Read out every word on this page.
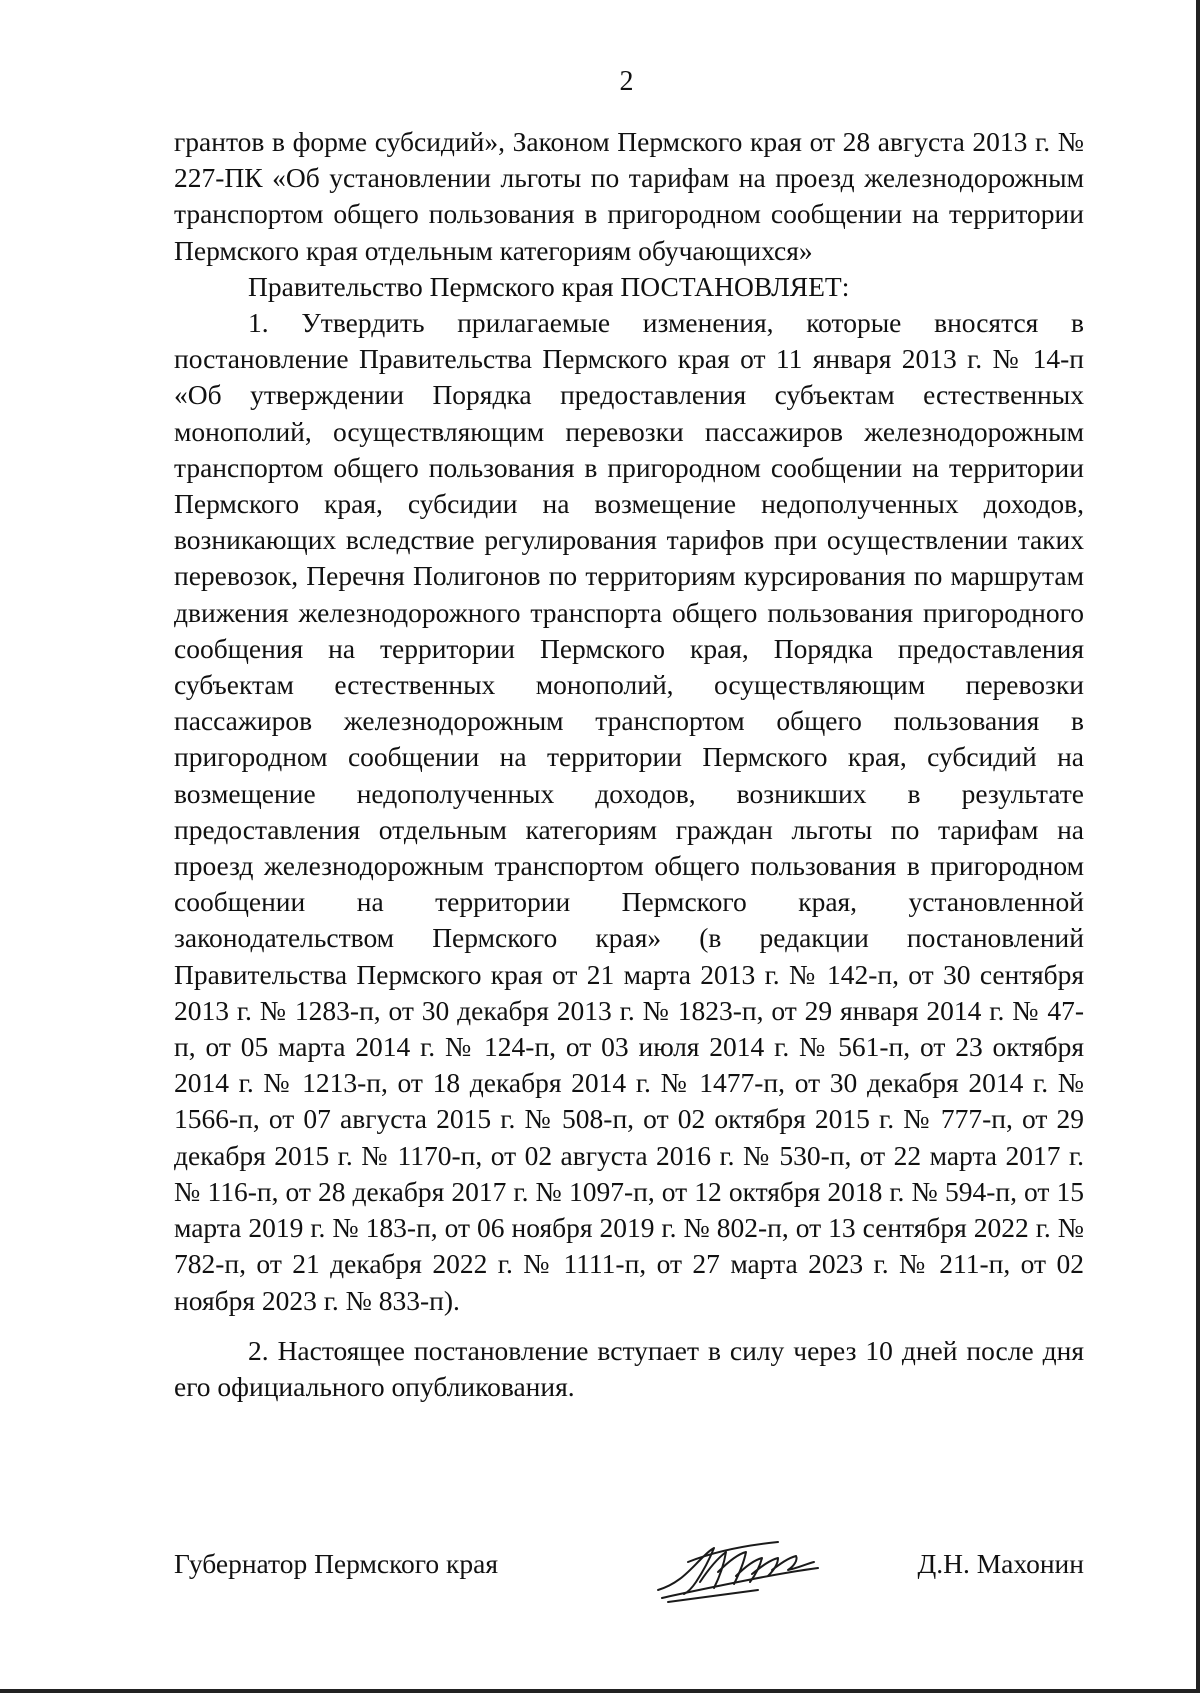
2

грантов в форме субсидий», Законом Пермского края от 28 августа 2013 г. № 227-ПК «Об установлении льготы по тарифам на проезд железнодорожным транспортом общего пользования в пригородном сообщении на территории Пермского края отдельным категориям обучающихся»

Правительство Пермского края ПОСТАНОВЛЯЕТ:

1. Утвердить прилагаемые изменения, которые вносятся в постановление Правительства Пермского края от 11 января 2013 г. № 14-п «Об утверждении Порядка предоставления субъектам естественных монополий, осуществляющим перевозки пассажиров железнодорожным транспортом общего пользования в пригородном сообщении на территории Пермского края, субсидии на возмещение недополученных доходов, возникающих вследствие регулирования тарифов при осуществлении таких перевозок, Перечня Полигонов по территориям курсирования по маршрутам движения железнодорожного транспорта общего пользования пригородного сообщения на территории Пермского края, Порядка предоставления субъектам естественных монополий, осуществляющим перевозки пассажиров железнодорожным транспортом общего пользования в пригородном сообщении на территории Пермского края, субсидий на возмещение недополученных доходов, возникших в результате предоставления отдельным категориям граждан льготы по тарифам на проезд железнодорожным транспортом общего пользования в пригородном сообщении на территории Пермского края, установленной законодательством Пермского края» (в редакции постановлений Правительства Пермского края от 21 марта 2013 г. № 142-п, от 30 сентября 2013 г. № 1283-п, от 30 декабря 2013 г. № 1823-п, от 29 января 2014 г. № 47-п, от 05 марта 2014 г. № 124-п, от 03 июля 2014 г. № 561-п, от 23 октября 2014 г. № 1213-п, от 18 декабря 2014 г. № 1477-п, от 30 декабря 2014 г. № 1566-п, от 07 августа 2015 г. № 508-п, от 02 октября 2015 г. № 777-п, от 29 декабря 2015 г. № 1170-п, от 02 августа 2016 г. № 530-п, от 22 марта 2017 г. № 116-п, от 28 декабря 2017 г. № 1097-п, от 12 октября 2018 г. № 594-п, от 15 марта 2019 г. № 183-п, от 06 ноября 2019 г. № 802-п, от 13 сентября 2022 г. № 782-п, от 21 декабря 2022 г. № 1111-п, от 27 марта 2023 г. № 211-п, от 02 ноября 2023 г. № 833-п).

2. Настоящее постановление вступает в силу через 10 дней после дня его официального опубликования.

Губернатор Пермского края	Д.Н. Махонин
